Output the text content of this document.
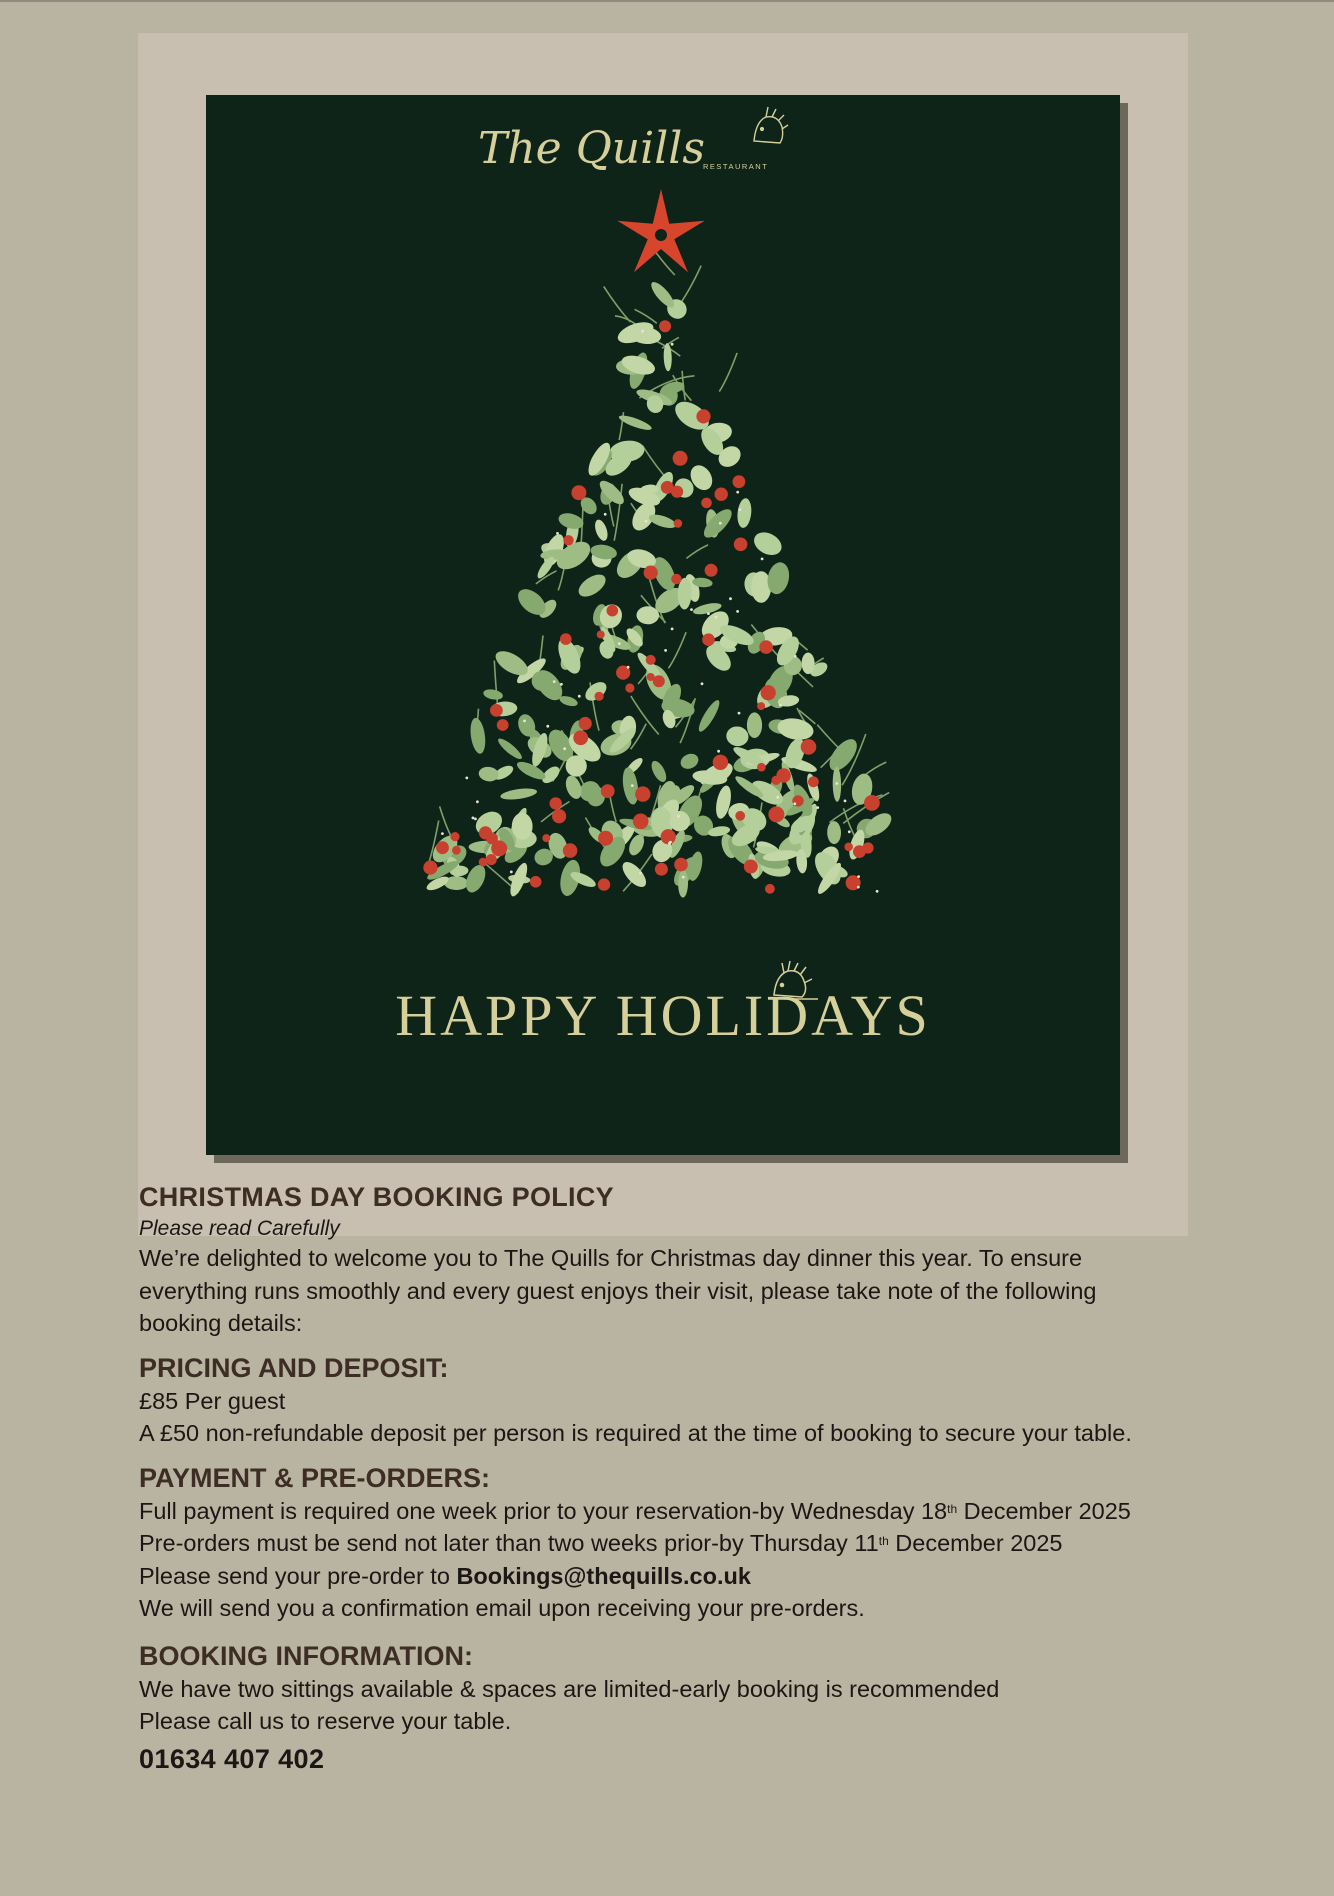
The Quills
RESTAURANT
HAPPY HOLIDAYS
CHRISTMAS DAY BOOKING POLICY
Please read Carefully
We’re delighted to welcome you to The Quills for Christmas day dinner this year. To ensure everything runs smoothly and every guest enjoys their visit, please take note of the following booking details:
PRICING AND DEPOSIT:
£85 Per guest
A £50 non-refundable deposit per person is required at the time of booking to secure your table.
PAYMENT & PRE-ORDERS:
Full payment is required one week prior to your reservation-by Wednesday 18th December 2025
Pre-orders must be send not later than two weeks prior-by Thursday 11th December 2025
Please send your pre-order to Bookings@thequills.co.uk
We will send you a confirmation email upon receiving your pre-orders.
BOOKING INFORMATION:
We have two sittings available & spaces are limited-early booking is recommended
Please call us to reserve your table.
01634 407 402
